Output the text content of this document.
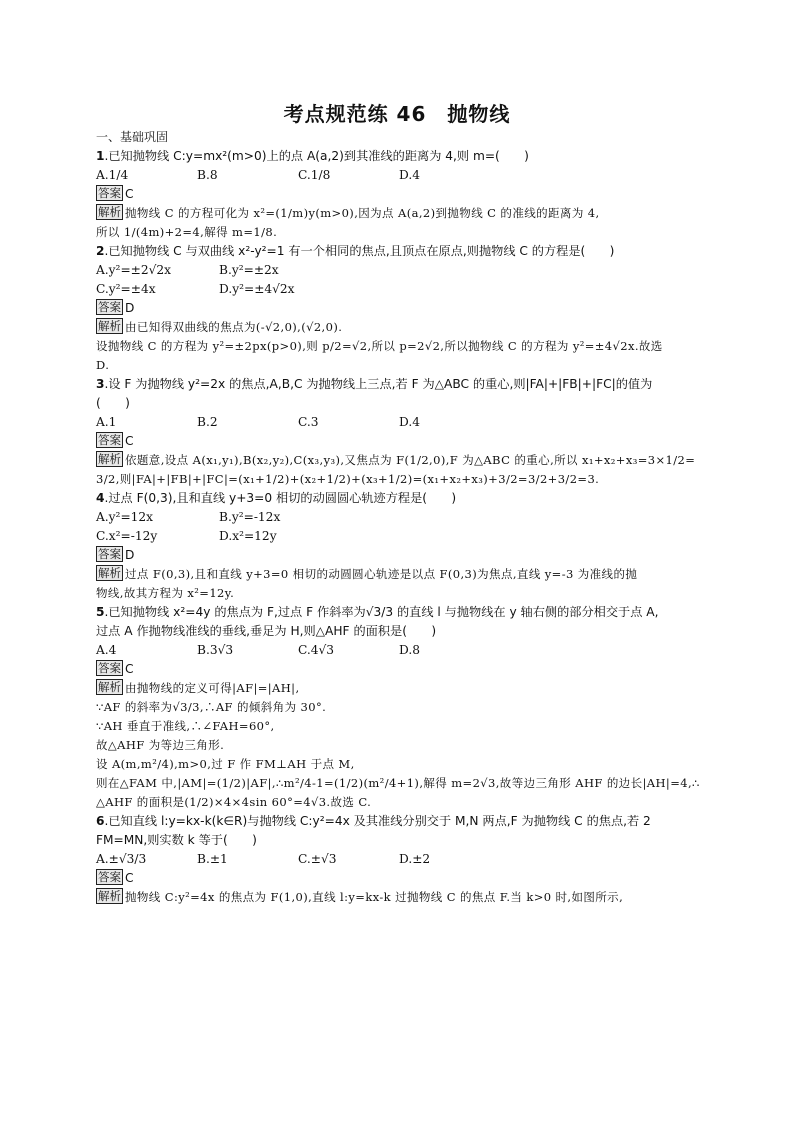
考点规范练 46　抛物线
一、基础巩固
1.已知抛物线 C:y=mx²(m>0)上的点 A(a,2)到其准线的距离为 4,则 m=(　　)
A.1/4	B.8	C.1/8	D.4
答案 C
解析 抛物线 C 的方程可化为 x²=(1/m)y(m>0),因为点 A(a,2)到抛物线 C 的准线的距离为 4,
所以 1/(4m)+2=4,解得 m=1/8.
2.已知抛物线 C 与双曲线 x²-y²=1 有一个相同的焦点,且顶点在原点,则抛物线 C 的方程是(　　)
A.y²=±2√2x	B.y²=±2x
C.y²=±4x	D.y²=±4√2x
答案 D
解析 由已知得双曲线的焦点为(-√2,0),(√2,0).
设抛物线 C 的方程为 y²=±2px(p>0),则 p/2=√2,所以 p=2√2,所以抛物线 C 的方程为 y²=±4√2x.故选
D.
3.设 F 为抛物线 y²=2x 的焦点,A,B,C 为抛物线上三点,若 F 为△ABC 的重心,则|FA|+|FB|+|FC|的值为
(　　)
A.1	B.2	C.3	D.4
答案 C
解析 依题意,设点 A(x₁,y₁),B(x₂,y₂),C(x₃,y₃),又焦点为 F(1/2,0),F 为△ABC 的重心,所以 x₁+x₂+x₃=3×1/2=
3/2,则|FA|+|FB|+|FC|=(x₁+1/2)+(x₂+1/2)+(x₃+1/2)=(x₁+x₂+x₃)+3/2=3/2+3/2=3.
4.过点 F(0,3),且和直线 y+3=0 相切的动圆圆心轨迹方程是(　　)
A.y²=12x	B.y²=-12x
C.x²=-12y	D.x²=12y
答案 D
解析 过点 F(0,3),且和直线 y+3=0 相切的动圆圆心轨迹是以点 F(0,3)为焦点,直线 y=-3 为准线的抛
物线,故其方程为 x²=12y.
5.已知抛物线 x²=4y 的焦点为 F,过点 F 作斜率为√3/3 的直线 l 与抛物线在 y 轴右侧的部分相交于点 A,
过点 A 作抛物线准线的垂线,垂足为 H,则△AHF 的面积是(　　)
A.4	B.3√3	C.4√3	D.8
答案 C
解析 由抛物线的定义可得|AF|=|AH|,
∵AF 的斜率为√3/3,∴AF 的倾斜角为 30°.
∵AH 垂直于准线,∴∠FAH=60°,
故△AHF 为等边三角形.
设 A(m,m²/4),m>0,过 F 作 FM⊥AH 于点 M,
则在△FAM 中,|AM|=(1/2)|AF|,∴m²/4-1=(1/2)(m²/4+1),解得 m=2√3,故等边三角形 AHF 的边长|AH|=4,∴
△AHF 的面积是(1/2)×4×4sin 60°=4√3.故选 C.
6.已知直线 l:y=kx-k(k∈R)与抛物线 C:y²=4x 及其准线分别交于 M,N 两点,F 为抛物线 C 的焦点,若 2
FM=MN,则实数 k 等于(　　)
A.±√3/3	B.±1	C.±√3	D.±2
答案 C
解析 抛物线 C:y²=4x 的焦点为 F(1,0),直线 l:y=kx-k 过抛物线 C 的焦点 F.当 k>0 时,如图所示,
